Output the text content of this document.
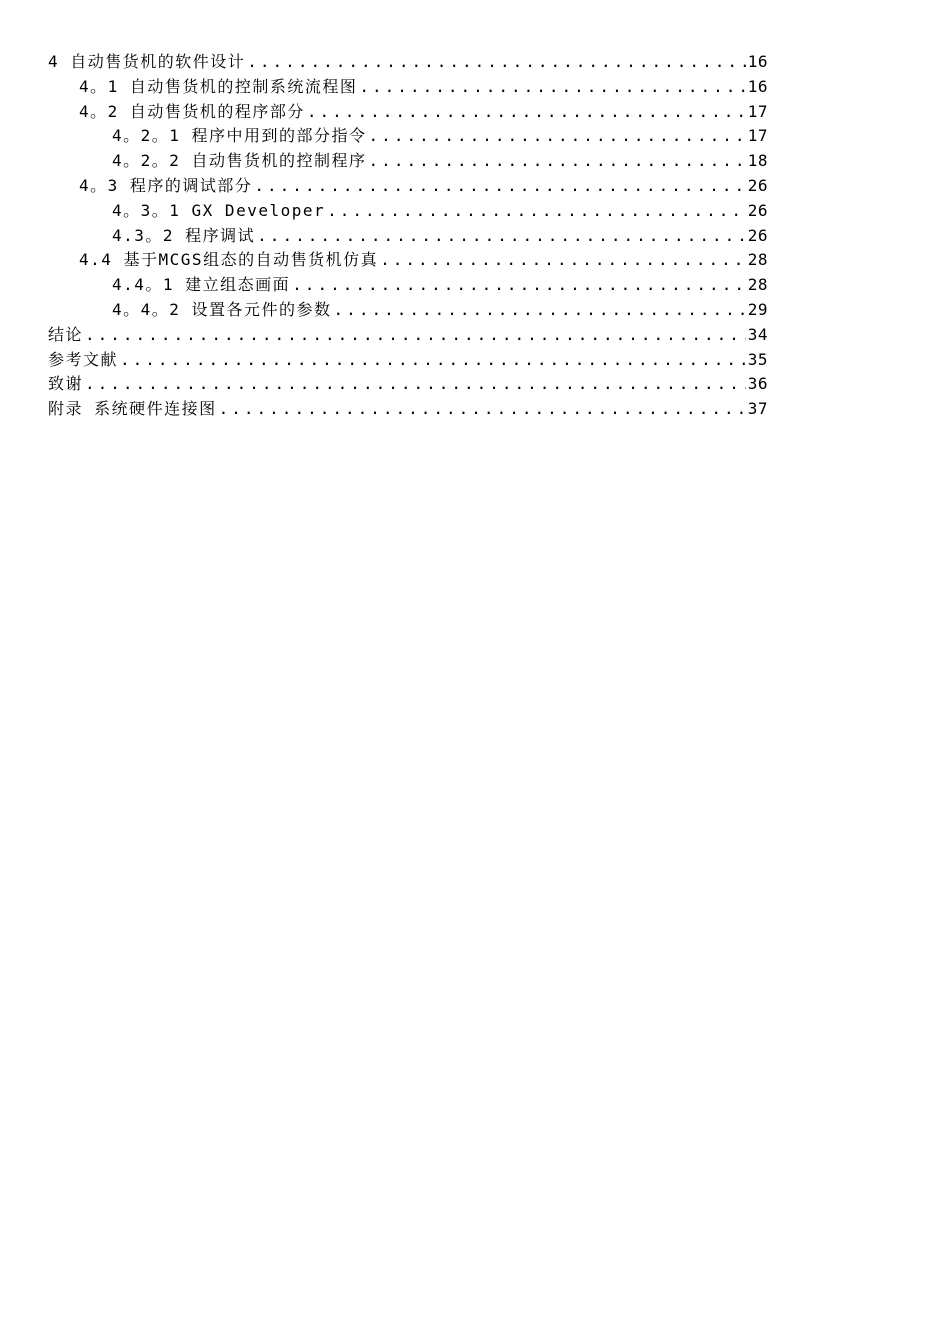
4 自动售货机的软件设计 .....	16
4。1 自动售货机的控制系统流程图 .....	16
4。2 自动售货机的程序部分 .....	17
4。2。1 程序中用到的部分指令 .....	17
4。2。2 自动售货机的控制程序 .....	18
4。3 程序的调试部分 .....	26
4。3。1 GX Developer .....	26
4.3。2 程序调试 .....	26
4.4 基于MCGS组态的自动售货机仿真 .....	28
4.4。1 建立组态画面 .....	28
4。4。2 设置各元件的参数 .....	29
结论 .....	34
参考文献 .....	35
致谢 .....	36
附录 系统硬件连接图 .....	37
